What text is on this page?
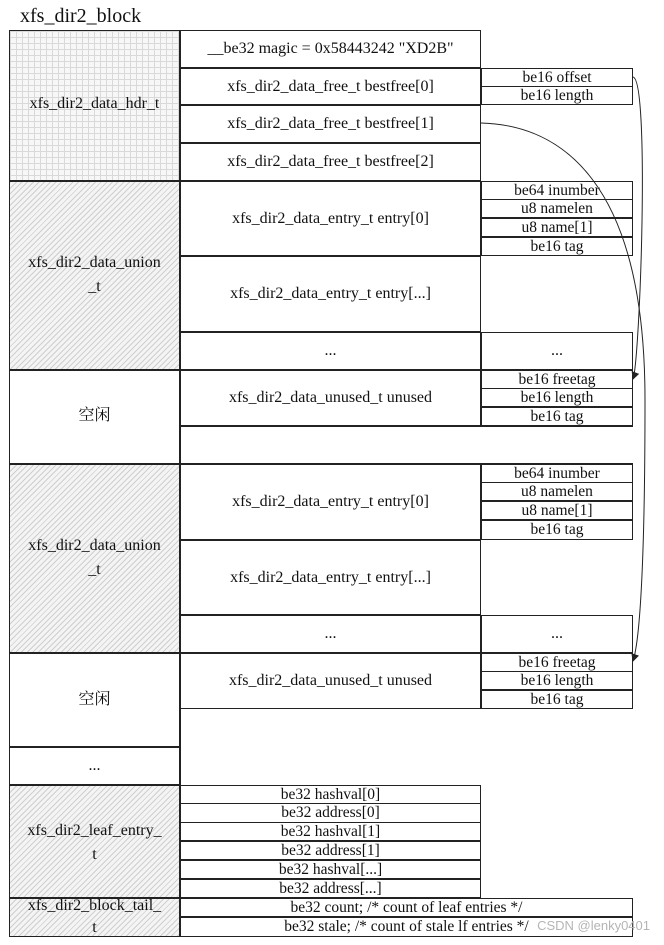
xfs_dir2_block
xfs_dir2_data_hdr_t
xfs_dir2_data_union
_t
空闲
xfs_dir2_data_union
_t
空闲
...
xfs_dir2_leaf_entry_
t
xfs_dir2_block_tail_
t
__be32 magic = 0x58443242 "XD2B"
xfs_dir2_data_free_t bestfree[0]
xfs_dir2_data_free_t bestfree[1]
xfs_dir2_data_free_t bestfree[2]
be16 offset
be16 length
xfs_dir2_data_entry_t entry[0]
xfs_dir2_data_entry_t entry[...]
...	...
be64 inumber
u8 namelen
u8 name[1]
be16 tag
xfs_dir2_data_unused_t unused
be16 freetag
be16 length
be16 tag
xfs_dir2_data_entry_t entry[0]
xfs_dir2_data_entry_t entry[...]
...	...
be64 inumber
u8 namelen
u8 name[1]
be16 tag
xfs_dir2_data_unused_t unused
be16 freetag
be16 length
be16 tag
be32 hashval[0]
be32 address[0]
be32 hashval[1]
be32 address[1]
be32 hashval[...]
be32 address[...]
be32 count; /* count of leaf entries */
be32 stale; /* count of stale lf entries */ CSDN @lenky0401
